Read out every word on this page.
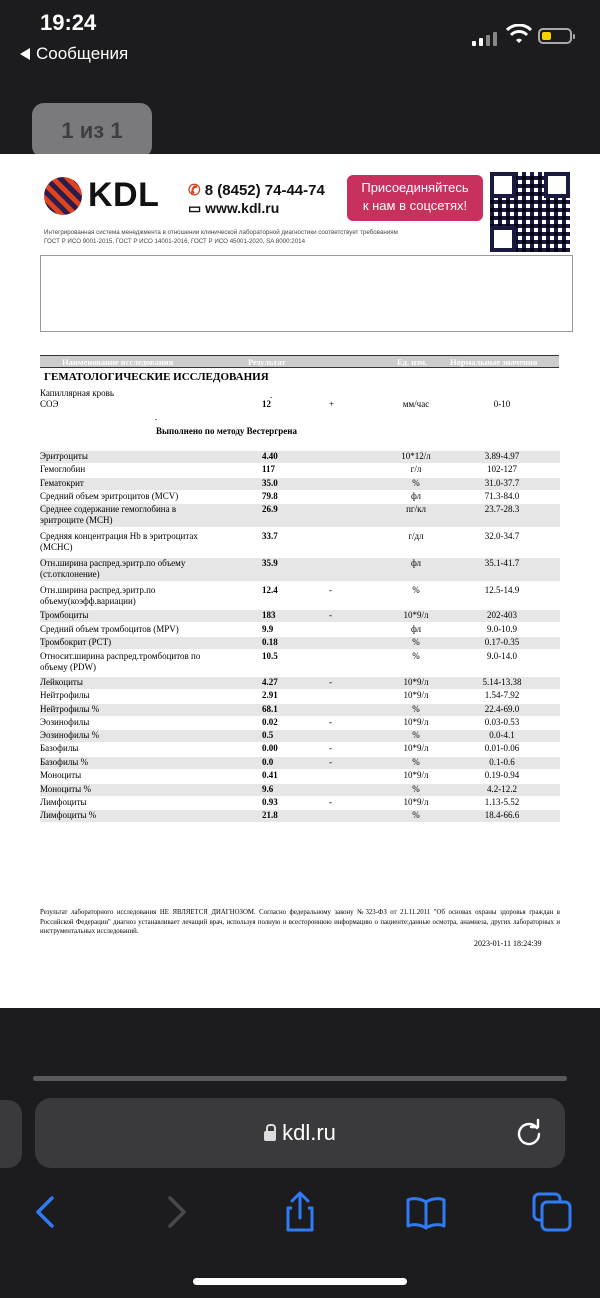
19:24
Сообщения
1 из 1
KDL ✆ 8 (8452) 74-44-74
▭ www.kdl.ru
Присоединяйтесь
к нам в соцсетях!
Интегрированная система менеджмента в отношении клинической лабораторной диагностики соответствует требованиям
ГОСТ Р ИСО 9001-2015, ГОСТ Р ИСО 14001-2016, ГОСТ Р ИСО 45001-2020, SA 8000:2014
№ направления:	1022393411	дата: 2023-01-11
ЛПУ:	МО Саратов, Орджоникидзе ул., д.1
В:	3000
Адрес пациента:
Фамилия:	Бессчетнов
Имя:	Мирон Максимович
Дата рождения:	2019-02-27
Пол:	мужской
Наименование исследования	Результат	Ед. изм.	Нормальные значения
ГЕМАТОЛОГИЧЕСКИЕ ИССЛЕДОВАНИЯ
Капиллярная кровь	.
СОЭ	12	+	мм/час	0-10
.
Выполнено по методу Вестергрена
Эритроциты	4.40	10*12/л	3.89-4.97
Гемоглобин	117	г/л	102-127
Гематокрит	35.0	%	31.0-37.7
Средний объем эритроцитов (MCV)	79.8	фл	71.3-84.0
Среднее содержание гемоглобина в эритроците (МСН)
26.9	пг/кл	23.7-28.3
Средняя концентрация Hb в эритроцитах (МСНС)
33.7	г/дл	32.0-34.7
Отн.ширина распред.эритр.по объему (ст.отклонение)
35.9	фл	35.1-41.7
Отн.ширина распред.эритр.по объему(коэфф.вариации)
12.4	-	%	12.5-14.9
Тромбоциты	183	-	10*9/л	202-403
Средний объем тромбоцитов (MPV)	9.9	фл	9.0-10.9
Тромбокрит (PCT)	0.18	%	0.17-0.35
Относит.ширина распред.тромбоцитов по объему (PDW)
10.5	%	9.0-14.0
Лейкоциты	4.27	-	10*9/л	5.14-13.38
Нейтрофилы	2.91	10*9/л	1.54-7.92
Нейтрофилы %	68.1	%	22.4-69.0
Эозинофилы	0.02	-	10*9/л	0.03-0.53
Эозинофилы %	0.5	%	0.0-4.1
Базофилы	0.00	-	10*9/л	0.01-0.06
Базофилы %	0.0	-	%	0.1-0.6
Моноциты	0.41	10*9/л	0.19-0.94
Моноциты %	9.6	%	4.2-12.2
Лимфоциты	0.93	-	10*9/л	1.13-5.52
Лимфоциты %	21.8	%	18.4-66.6
Результат лабораторного исследования НЕ ЯВЛЯЕТСЯ ДИАГНОЗОМ. Согласно федеральному закону №323-ФЗ от 21.11.2011 "Об основах охраны здоровья граждан в Российской Федерации" диагноз устанавливает лечащий врач, используя полную и всестороннюю информацию о пациенте:данные осмотра, анамнеза, других лабораторных и инструментальных исследований.
2023-01-11 18:24:39
kdl.ru
